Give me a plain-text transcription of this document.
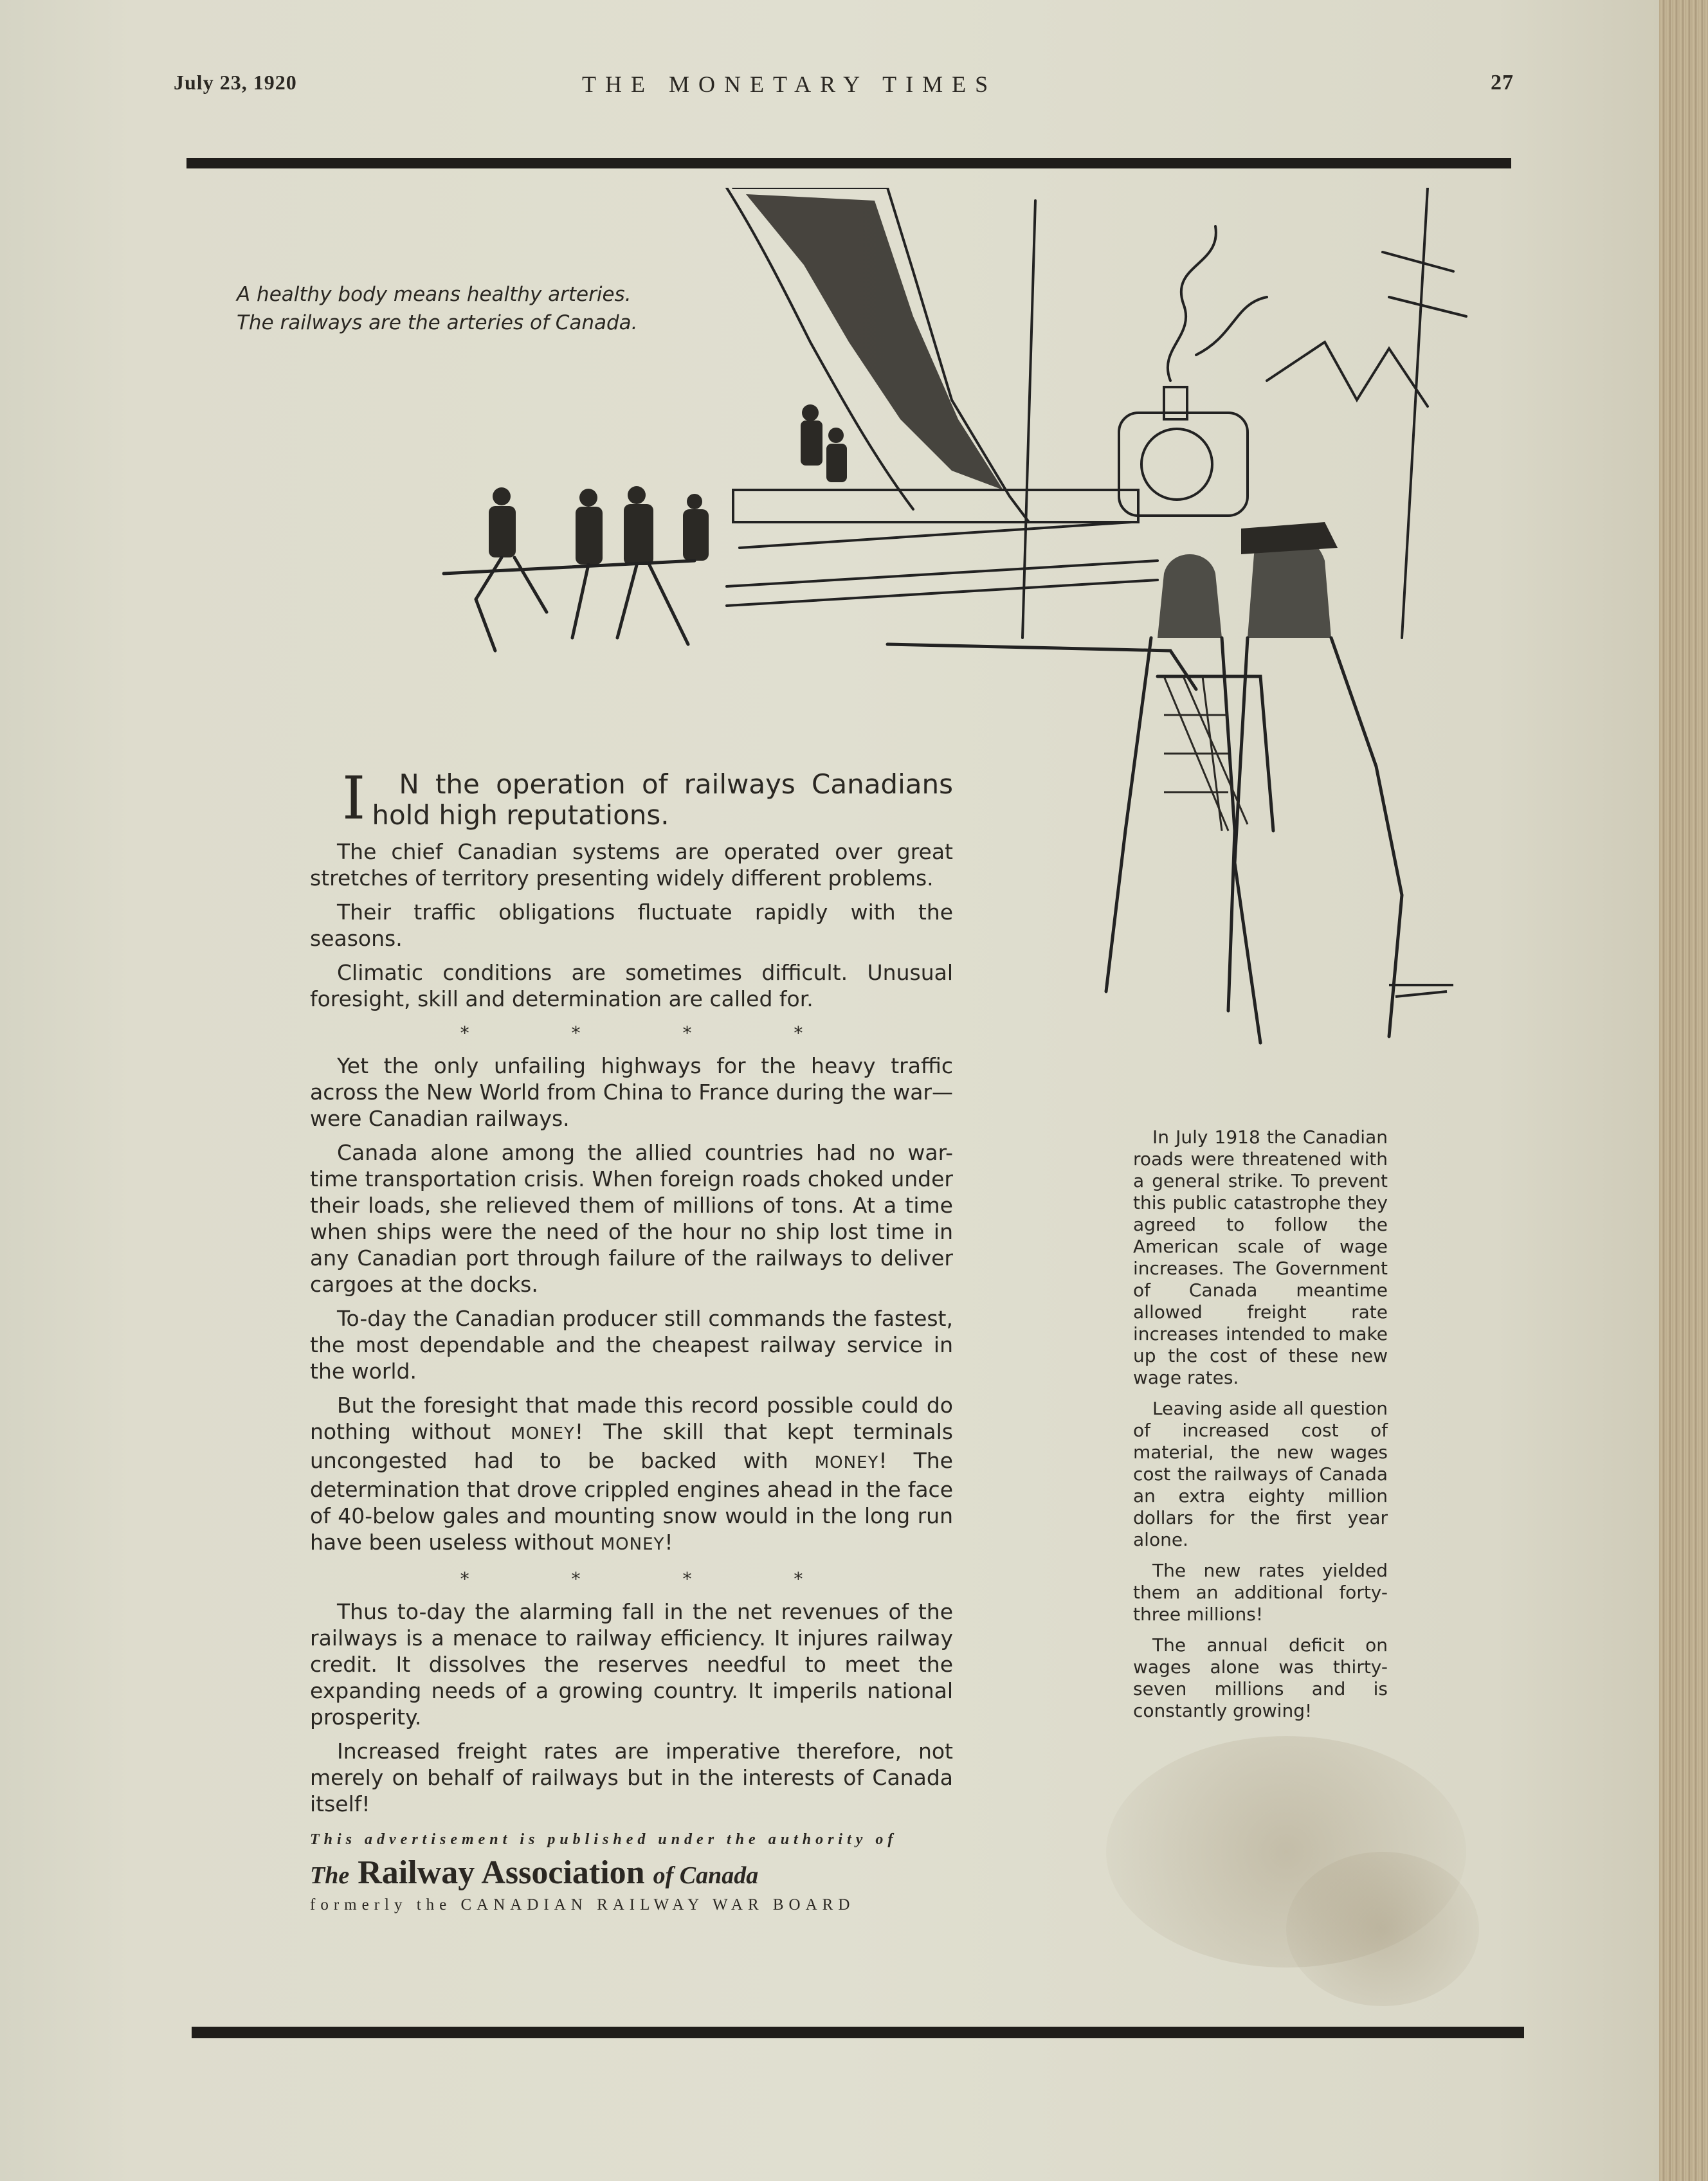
July 23, 1920	THE MONETARY TIMES	27
A healthy body means healthy arteries.
The railways are the arteries of Canada.

I N the operation of railways Canadians hold high reputations.

The chief Canadian systems are operated over great stretches of territory presenting widely different problems.

Their traffic obligations fluctuate rapidly with the seasons.

Climatic conditions are sometimes difficult. Unusual foresight, skill and determination are called for.

* * * *

Yet the only unfailing highways for the heavy traffic across the New World from China to France during the war—were Canadian railways.

Canada alone among the allied countries had no war-time transportation crisis. When foreign roads choked under their loads, she relieved them of millions of tons. At a time when ships were the need of the hour no ship lost time in any Canadian port through failure of the railways to deliver cargoes at the docks.

To-day the Canadian producer still commands the fastest, the most dependable and the cheapest railway service in the world.

But the foresight that made this record possible could do nothing without MONEY! The skill that kept terminals uncongested had to be backed with MONEY! The determination that drove crippled engines ahead in the face of 40-below gales and mounting snow would in the long run have been useless without MONEY!

* * * *

Thus to-day the alarming fall in the net revenues of the railways is a menace to railway efficiency. It injures railway credit. It dissolves the reserves needful to meet the expanding needs of a growing country. It imperils national prosperity.

Increased freight rates are imperative therefore, not merely on behalf of railways but in the interests of Canada itself!

This advertisement is published under the authority of
The Railway Association of Canada
formerly the CANADIAN RAILWAY WAR BOARD

In July 1918 the Canadian roads were threatened with a general strike. To prevent this public catastrophe they agreed to follow the American scale of wage increases. The Government of Canada meantime allowed freight rate increases intended to make up the cost of these new wage rates.

Leaving aside all question of increased cost of material, the new wages cost the railways of Canada an extra eighty million dollars for the first year alone.

The new rates yielded them an additional forty-three millions!

The annual deficit on wages alone was thirty-seven millions and is constantly growing!
